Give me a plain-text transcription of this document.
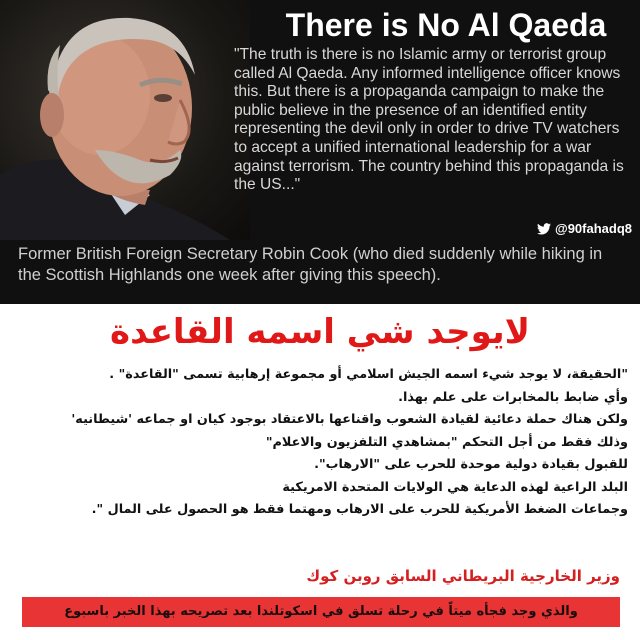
There is No Al Qaeda
"The truth is there is no Islamic army or terrorist group called Al Qaeda. Any informed intelligence officer knows this. But there is a propaganda campaign to make the public believe in the presence of an identified entity representing the devil only in order to drive TV watchers to accept a unified international leadership for a war against terrorism. The country behind this propaganda is the US..."
@90fahadq8
Former British Foreign Secretary Robin Cook (who died suddenly while hiking in the Scottish Highlands one week after giving this speech).
لايوجد شي اسمه القاعدة

"الحقيقة، لا يوجد شيء اسمه الجيش اسلامي أو مجموعة إرهابية تسمى "القاعدة" .

وأي ضابط بالمخابرات على علم بهذا.

ولكن هناك حملة دعائية لقيادة الشعوب واقناعها بالاعتقاد بوجود كيان او جماعه 'شيطانيه'

وذلك فقط من أجل التحكم "بمشاهدي التلفزيون والاعلام"

للقبول بقيادة دولية موحدة للحرب على "الارهاب".

البلد الراعية لهذه الدعاية هي الولايات المتحدة الامريكية

وجماعات الضغط الأمريكية للحرب على الارهاب ومهتما فقط هو الحصول على المال ".

وزير الخارجية البريطاني السابق روبن كوك
والذي وجد فجأه ميتاً في رحلة تسلق في اسكوتلندا بعد تصريحه بهذا الخبر باسبوع
